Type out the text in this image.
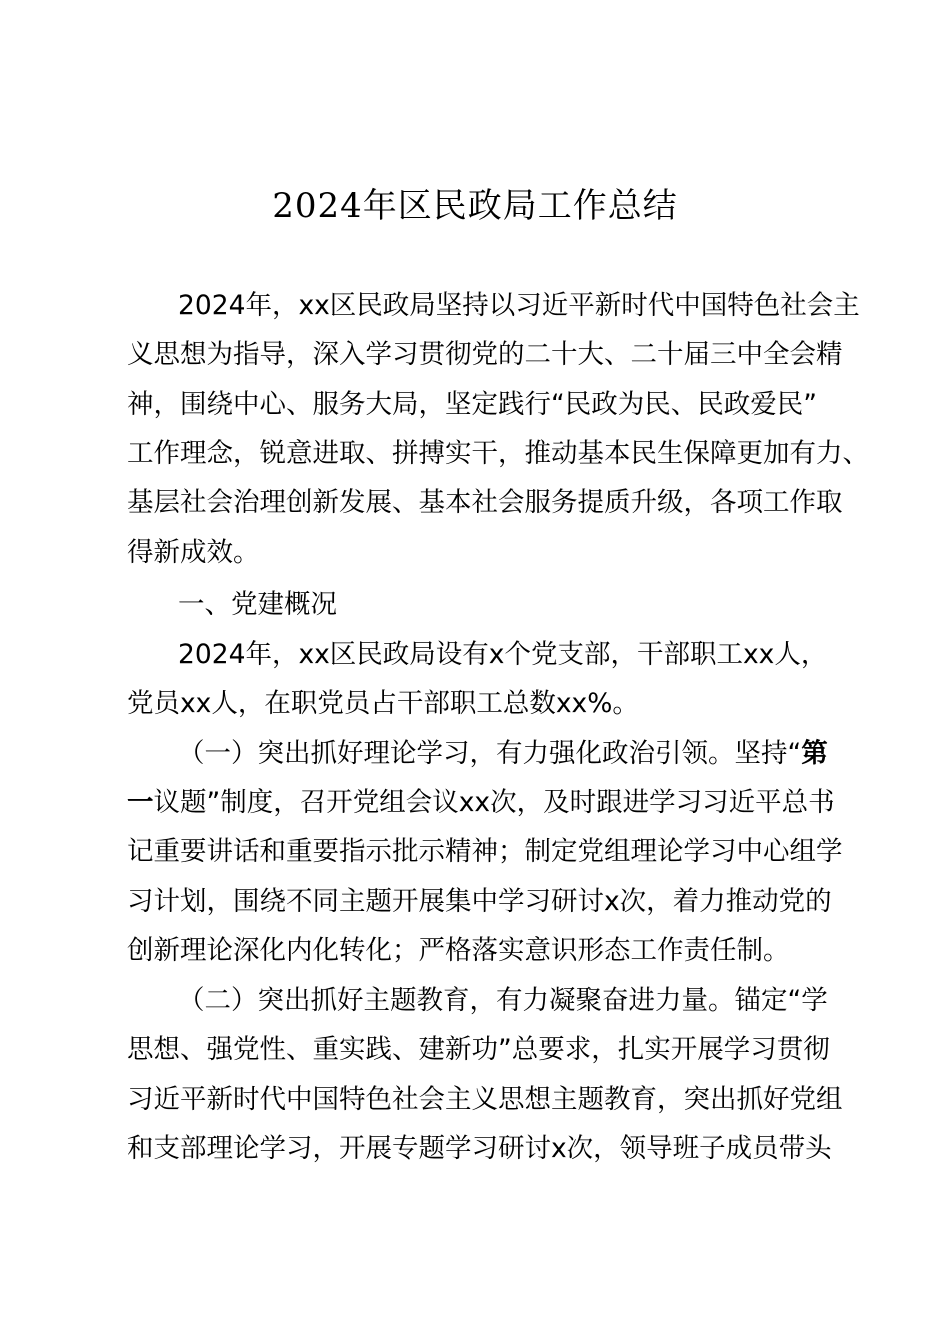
2024年区民政局工作总结
2024年，xx区民政局坚持以习近平新时代中国特色社会主
义思想为指导，深入学习贯彻党的二十大、二十届三中全会精
神，围绕中心、服务大局，坚定践行“民政为民、民政爱民”
工作理念，锐意进取、拼搏实干，推动基本民生保障更加有力、
基层社会治理创新发展、基本社会服务提质升级，各项工作取
得新成效。
一、党建概况
2024年，xx区民政局设有x个党支部，干部职工xx人，
党员xx人，在职党员占干部职工总数xx%。
（一）突出抓好理论学习，有力强化政治引领。坚持“第
一议题”制度，召开党组会议xx次，及时跟进学习习近平总书
记重要讲话和重要指示批示精神；制定党组理论学习中心组学
习计划，围绕不同主题开展集中学习研讨x次，着力推动党的
创新理论深化内化转化；严格落实意识形态工作责任制。
（二）突出抓好主题教育，有力凝聚奋进力量。锚定“学
思想、强党性、重实践、建新功”总要求，扎实开展学习贯彻
习近平新时代中国特色社会主义思想主题教育，突出抓好党组
和支部理论学习，开展专题学习研讨x次，领导班子成员带头
